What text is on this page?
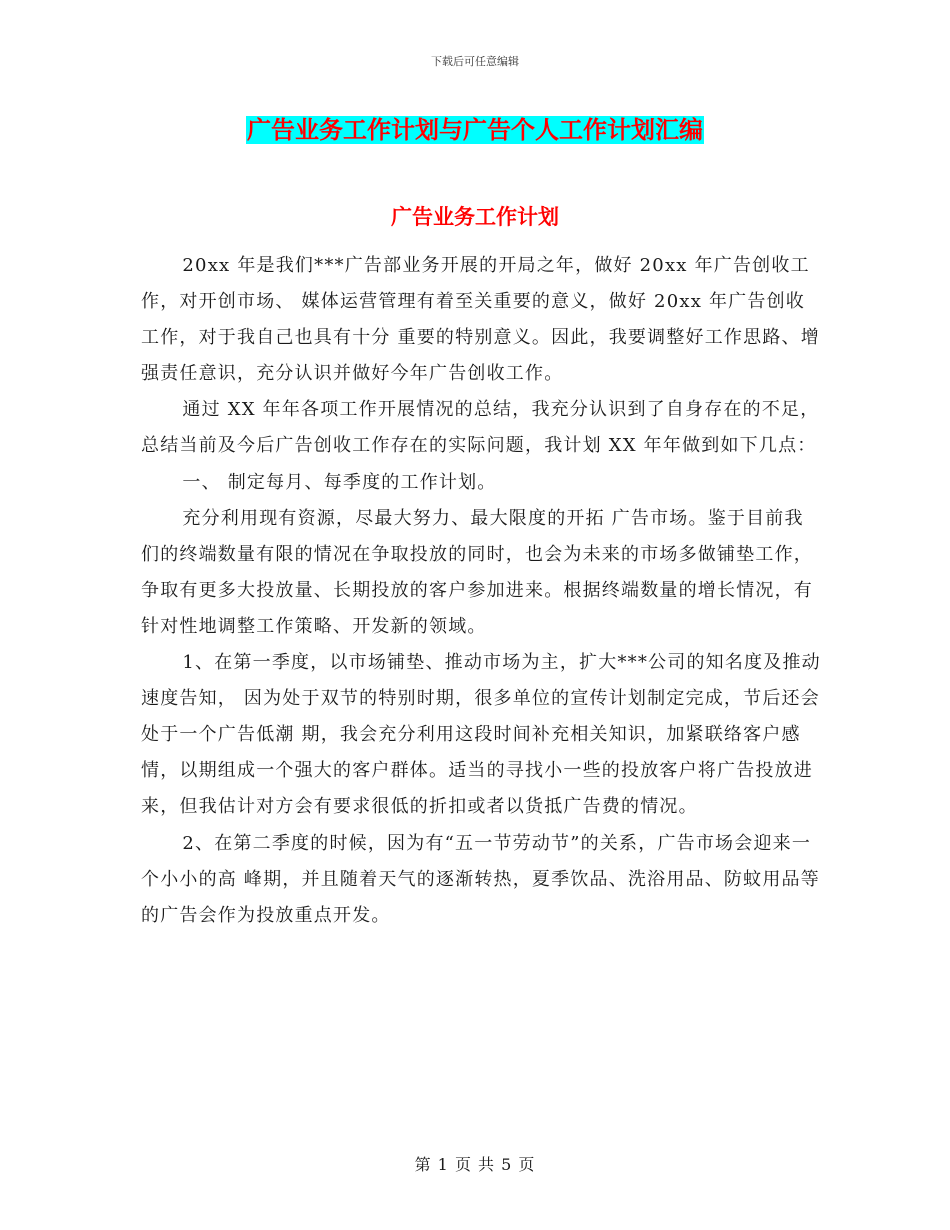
下载后可任意编辑
广告业务工作计划与广告个人工作计划汇编
广告业务工作计划

20xx 年是我们***广告部业务开展的开局之年，做好 20xx 年广告创收工作，对开创市场、 媒体运营管理有着至关重要的意义，做好 20xx 年广告创收工作，对于我自己也具有十分 重要的特别意义。因此，我要调整好工作思路、增强责任意识，充分认识并做好今年广告创收工作。

通过 XX 年年各项工作开展情况的总结，我充分认识到了自身存在的不足，总结当前及今后广告创收工作存在的实际问题，我计划 XX 年年做到如下几点：

一、 制定每月、每季度的工作计划。

充分利用现有资源，尽最大努力、最大限度的开拓 广告市场。鉴于目前我们的终端数量有限的情况在争取投放的同时，也会为未来的市场多做铺垫工作，争取有更多大投放量、长期投放的客户参加进来。根据终端数量的增长情况，有针对性地调整工作策略、开发新的领域。

1、在第一季度，以市场铺垫、推动市场为主，扩大***公司的知名度及推动速度告知， 因为处于双节的特别时期，很多单位的宣传计划制定完成，节后还会处于一个广告低潮 期，我会充分利用这段时间补充相关知识，加紧联络客户感情，以期组成一个强大的客户群体。适当的寻找小一些的投放客户将广告投放进来，但我估计对方会有要求很低的折扣或者以货抵广告费的情况。

2、在第二季度的时候，因为有“五一节劳动节”的关系，广告市场会迎来一个小小的高 峰期，并且随着天气的逐渐转热，夏季饮品、洗浴用品、防蚊用品等的广告会作为投放重点开发。

第 1 页 共 5 页
